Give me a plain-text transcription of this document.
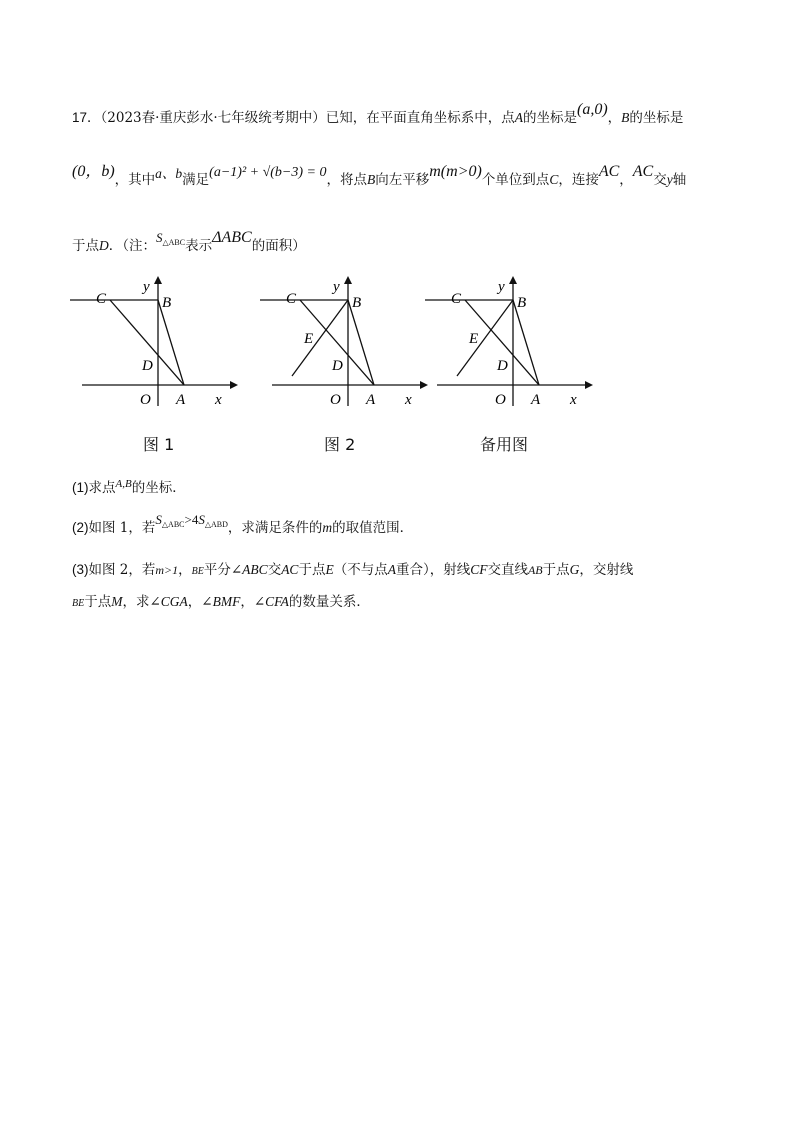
17．（2023春·重庆彭水·七年级统考期中）已知，在平面直角坐标系中，点A的坐标是(a,0)，B的坐标是
(0，b)，其中a、b满足(a−1)² + √(b−3) = 0，将点B向左平移m(m>0)个单位到点C，连接AC，AC交y轴
于点D．（注：$S_{\triangle ABC}$表示ΔABC的面积）
C	B
y
D
O A x
图 1
C	B
y
E
D
O A x
图 2
C	B
y
E
D
O A x
备用图
(1)求点$^{A,B}$的坐标．
(2)如图 1，若$S_{\triangle ABC}>4S_{\triangle ABD}$，求满足条件的m的取值范围．
(3)如图 2，若m>1，BE平分∠ABC交AC于点E（不与点A重合），射线CF交直线AB于点G，交射线
BE于点M，求∠CGA，∠BMF，∠CFA的数量关系．
